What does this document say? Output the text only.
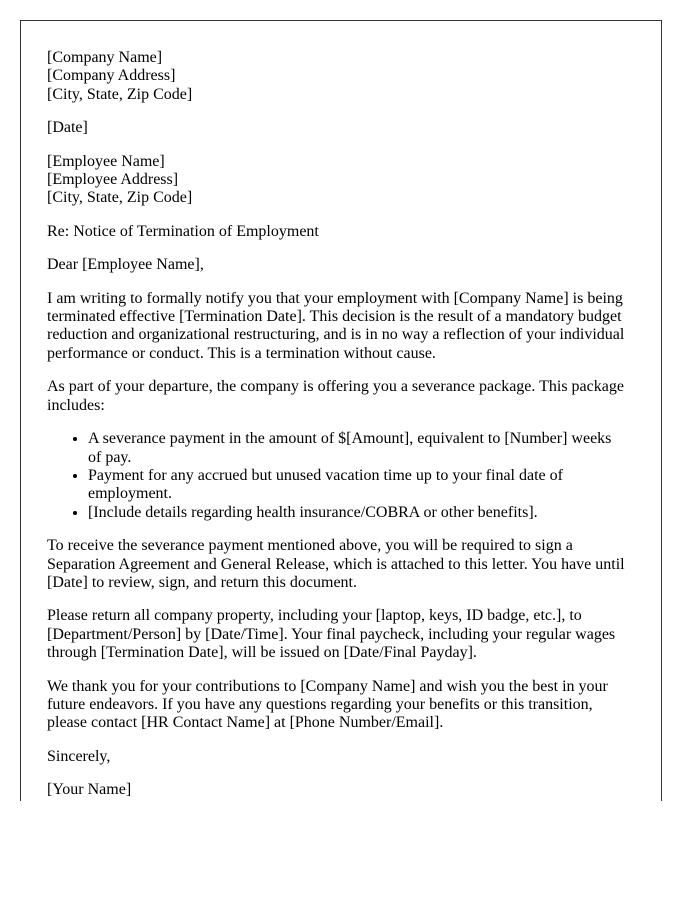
[Company Name]
[Company Address]
[City, State, Zip Code]

[Date]

[Employee Name]
[Employee Address]
[City, State, Zip Code]

Re: Notice of Termination of Employment

Dear [Employee Name],

I am writing to formally notify you that your employment with [Company Name] is being terminated effective [Termination Date]. This decision is the result of a mandatory budget reduction and organizational restructuring, and is in no way a reflection of your individual performance or conduct. This is a termination without cause.

As part of your departure, the company is offering you a severance package. This package includes:

• A severance payment in the amount of $[Amount], equivalent to [Number] weeks of pay.
• Payment for any accrued but unused vacation time up to your final date of employment.
• [Include details regarding health insurance/COBRA or other benefits].

To receive the severance payment mentioned above, you will be required to sign a Separation Agreement and General Release, which is attached to this letter. You have until [Date] to review, sign, and return this document.

Please return all company property, including your [laptop, keys, ID badge, etc.], to [Department/Person] by [Date/Time]. Your final paycheck, including your regular wages through [Termination Date], will be issued on [Date/Final Payday].

We thank you for your contributions to [Company Name] and wish you the best in your future endeavors. If you have any questions regarding your benefits or this transition, please contact [HR Contact Name] at [Phone Number/Email].

Sincerely,

[Your Name]
